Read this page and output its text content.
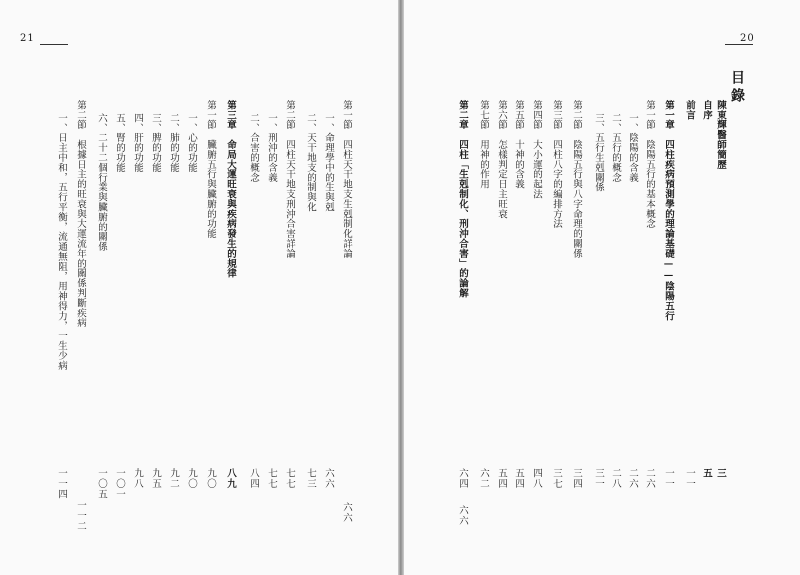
21	20
目錄
陳東輝醫師簡歷
自序
前言
第一章　四柱疾病預測學的理論基礎——陰陽五行
第一節　陰陽五行的基本概念
一、陰陽的含義
二、五行的概念
三、五行生剋關係
第二節　陰陽五行與八字命理的關係
第三節　四柱八字的編排方法
第四節　大小運的起法
第五節　十神的含義
第六節　怎樣判定日主旺衰
第七節　用神的作用
第二章　四柱「生剋制化、刑沖合害」的論解
三
五
一一
一一
二六
二六
二八
三一
三四
三七
四八
五四
五四
六二
六四
六六
第一節　四柱天干地支生剋制化詳論
一、命理學中的生與剋
二、天干地支的制與化
第二節　四柱天干地支刑沖合害詳論
一、刑沖的含義
二、合害的概念
第三章　命局大運旺衰與疾病發生的規律
第一節　臟腑五行與臟腑的功能
一、心的功能
二、肺的功能
三、脾的功能
四、肝的功能
五、腎的功能
六、二十二個行業與臟腑的關係
第二節　根據日主的旺衰與大運流年的關係判斷疾病
一、日主中和，五行平衡，流通無阻，用神得力，一生少病
六六
六六
七三
七七
七七
八四
八九
九〇
九〇
九二
九五
九八
一〇一
一〇五
一一二
一一四
